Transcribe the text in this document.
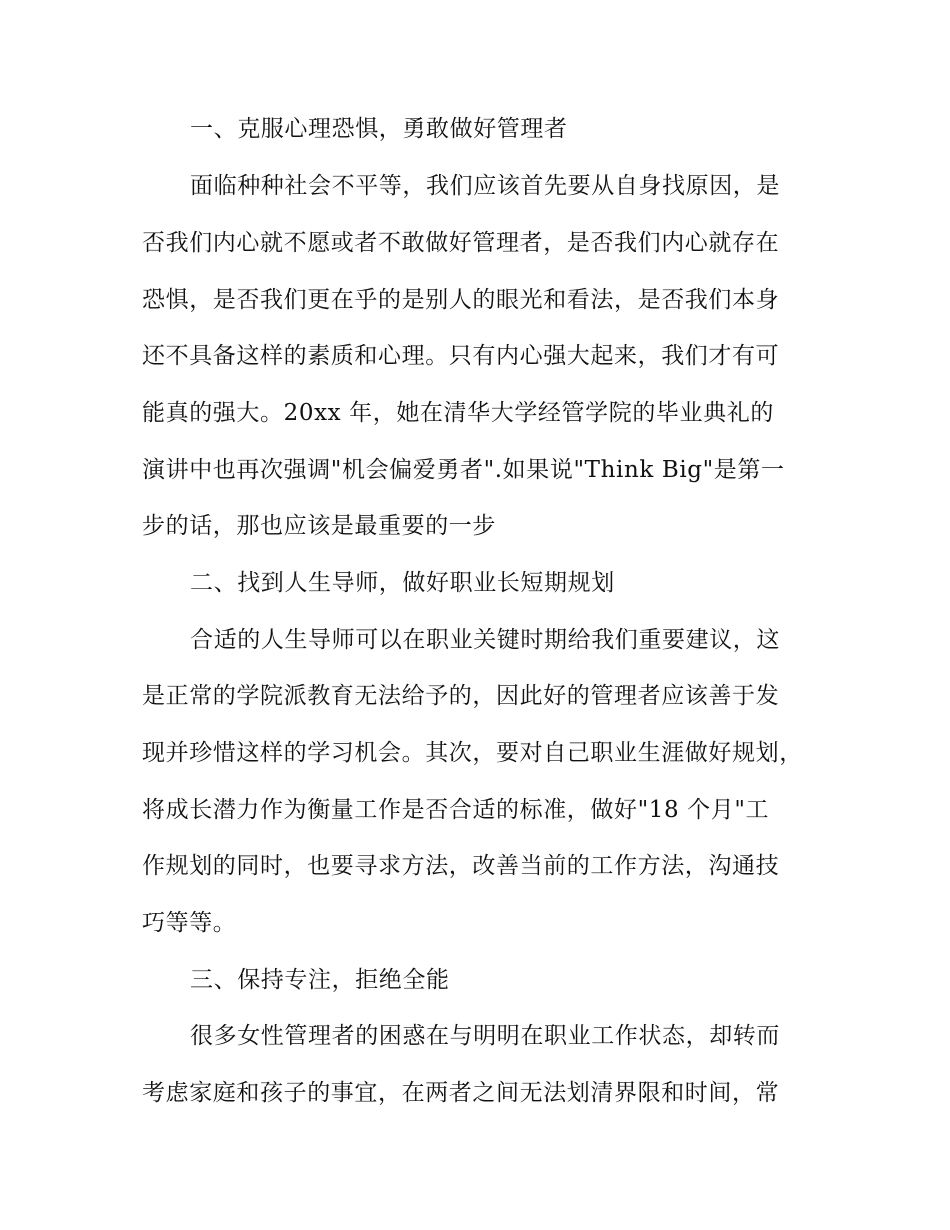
一、克服心理恐惧，勇敢做好管理者
面临种种社会不平等，我们应该首先要从自身找原因，是
否我们内心就不愿或者不敢做好管理者，是否我们内心就存在
恐惧，是否我们更在乎的是别人的眼光和看法，是否我们本身
还不具备这样的素质和心理。只有内心强大起来，我们才有可
能真的强大。20xx 年，她在清华大学经管学院的毕业典礼的
演讲中也再次强调"机会偏爱勇者".如果说"Think Big"是第一
步的话，那也应该是最重要的一步
二、找到人生导师，做好职业长短期规划
合适的人生导师可以在职业关键时期给我们重要建议，这
是正常的学院派教育无法给予的，因此好的管理者应该善于发
现并珍惜这样的学习机会。其次，要对自己职业生涯做好规划，
将成长潜力作为衡量工作是否合适的标准，做好"18 个月"工
作规划的同时，也要寻求方法，改善当前的工作方法，沟通技
巧等等。
三、保持专注，拒绝全能
很多女性管理者的困惑在与明明在职业工作状态，却转而
考虑家庭和孩子的事宜，在两者之间无法划清界限和时间，常
